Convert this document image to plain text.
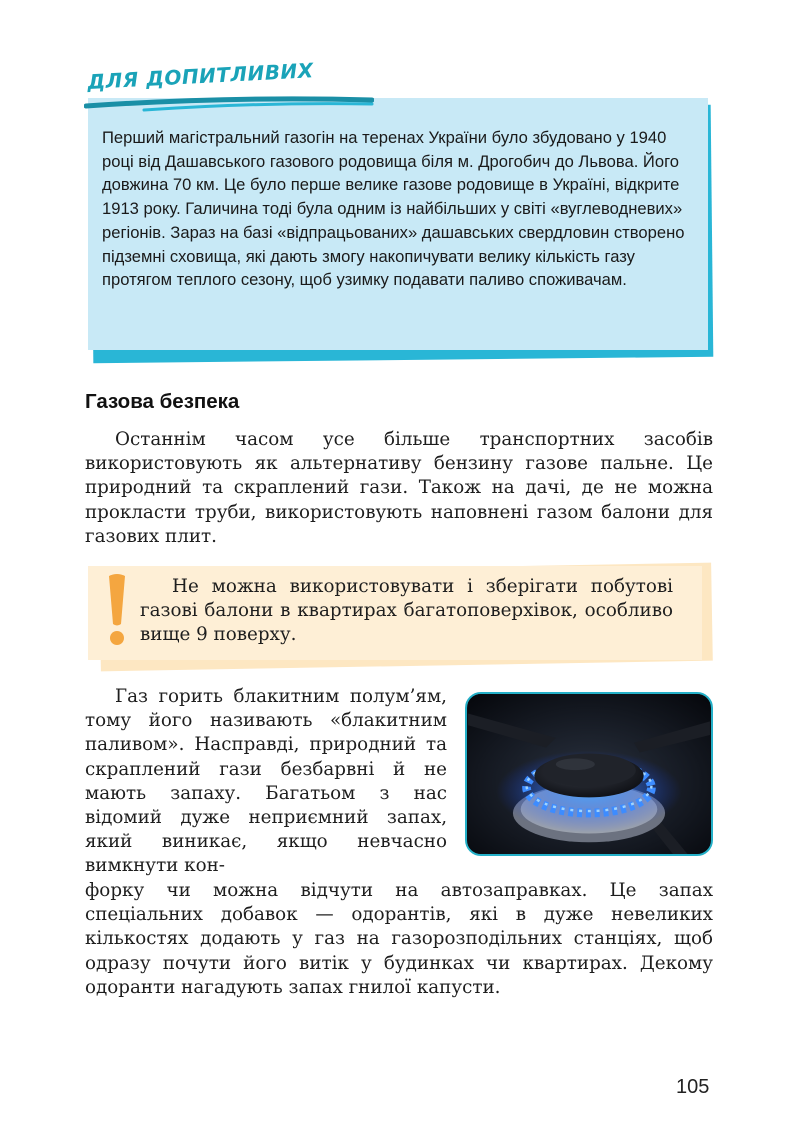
ДЛЯ ДОПИТЛИВИХ

Перший магістральний газогін на теренах України було збудовано у 1940 році від Дашавського газового родовища біля м. Дрогобич до Львова. Його довжина 70 км. Це було перше велике газове родовище в Україні, відкрите 1913 року. Галичина тоді була одним із найбільших у світі «вуглеводневих» регіонів. Зараз на базі «відпрацьованих» дашавських свердловин створено підземні сховища, які дають змогу накопичувати велику кількість газу протягом теплого сезону, щоб узимку подавати паливо споживачам.

Газова безпека

Останнім часом усе більше транспортних засобів використовують як альтернативу бензину газове пальне. Це природний та скраплений гази. Також на дачі, де не можна прокласти труби, використовують наповнені газом балони для газових плит.

Не можна використовувати і зберігати побутові газові балони в квартирах багатоповерхівок, особливо вище 9 поверху.

Газ горить блакитним полум’ям, тому його називають «блакитним паливом». Насправді, природний та скраплений гази безбарвні й не мають запаху. Багатьом з нас відомий дуже неприємний запах, який виникає, якщо невчасно вимкнути кон-

форку чи можна відчути на автозаправках. Це запах спеціальних добавок — одорантів, які в дуже невеликих кількостях додають у газ на газорозподільних станціях, щоб одразу почути його витік у будинках чи квартирах. Декому одоранти нагадують запах гнилої капусти.

105
